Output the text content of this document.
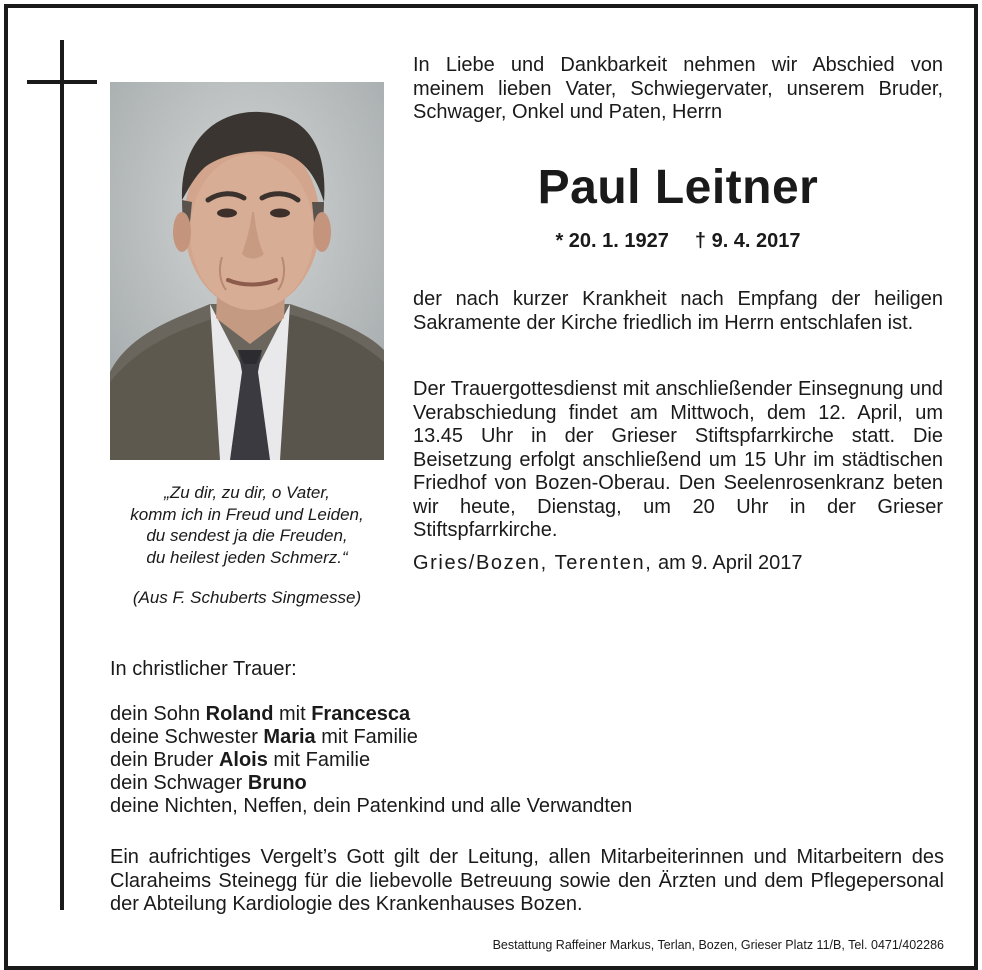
In Liebe und Dankbarkeit nehmen wir Abschied von meinem lieben Vater, Schwiegervater, unserem Bruder, Schwager, Onkel und Paten, Herrn
Paul Leitner
* 20. 1. 1927 † 9. 4. 2017
der nach kurzer Krankheit nach Empfang der heiligen Sakramente der Kirche friedlich im Herrn entschlafen ist.
Der Trauergottesdienst mit anschließender Einsegnung und Verabschiedung findet am Mittwoch, dem 12. April, um 13.45 Uhr in der Grieser Stiftspfarrkirche statt. Die Beisetzung erfolgt anschließend um 15 Uhr im städtischen Friedhof von Bozen-Oberau. Den Seelenrosenkranz beten wir heute, Dienstag, um 20 Uhr in der Grieser Stiftspfarrkirche.
Gries/Bozen, Terenten, am 9. April 2017
„Zu dir, zu dir, o Vater,
komm ich in Freud und Leiden,
du sendest ja die Freuden,
du heilest jeden Schmerz.“
(Aus F. Schuberts Singmesse)
In christlicher Trauer:
dein Sohn Roland mit Francesca
deine Schwester Maria mit Familie
dein Bruder Alois mit Familie
dein Schwager Bruno
deine Nichten, Neffen, dein Patenkind und alle Verwandten
Ein aufrichtiges Vergelt’s Gott gilt der Leitung, allen Mitarbeiterinnen und Mitarbeitern des Claraheims Steinegg für die liebevolle Betreuung sowie den Ärzten und dem Pflegepersonal der Abteilung Kardiologie des Krankenhauses Bozen.
Bestattung Raffeiner Markus, Terlan, Bozen, Grieser Platz 11/B, Tel. 0471/402286
